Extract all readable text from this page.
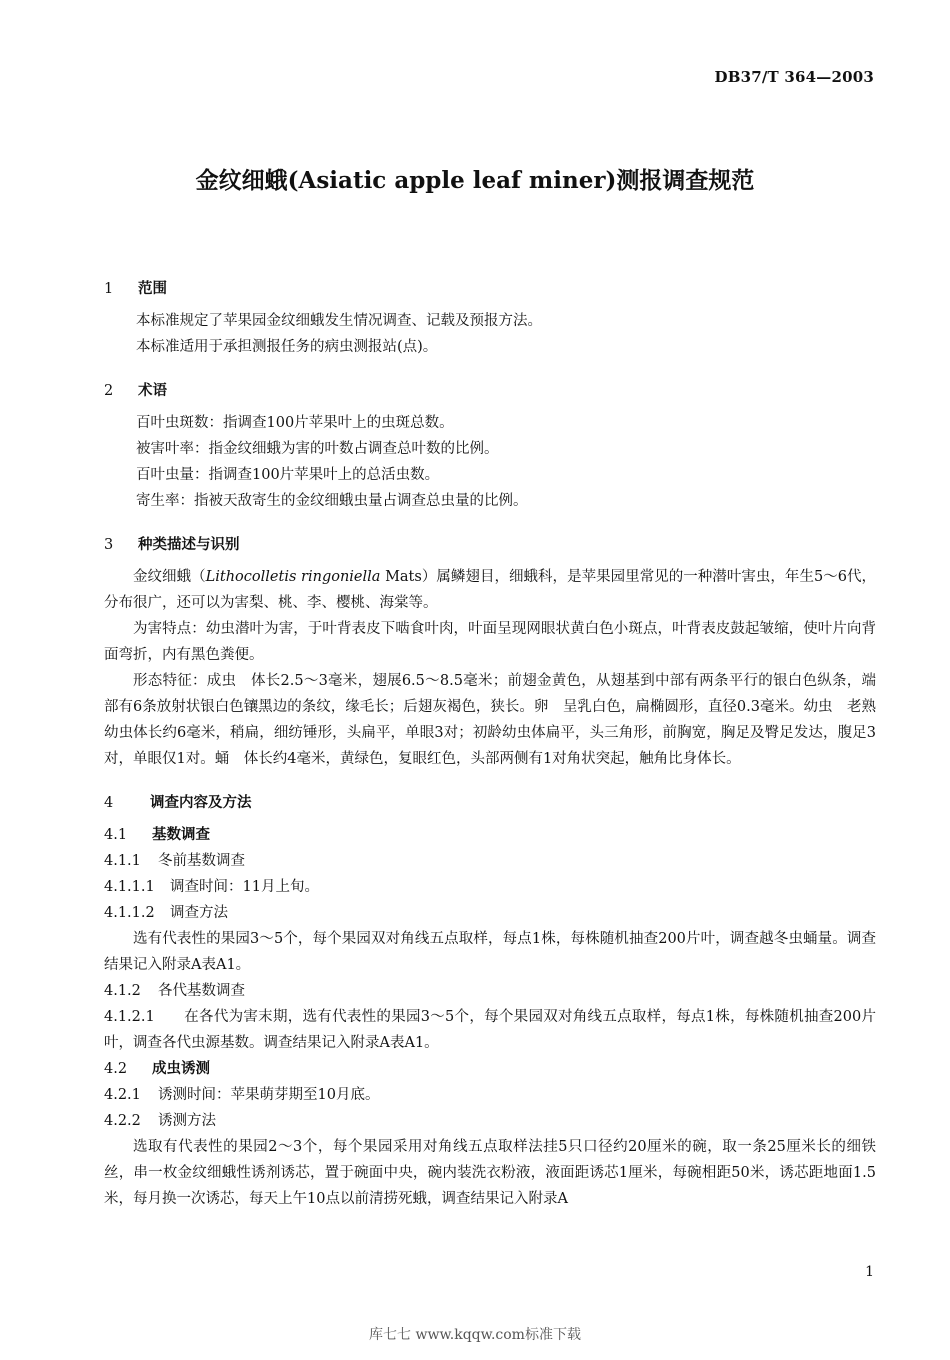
DB37/T 364—2003
金纹细蛾(Asiatic apple leaf miner)测报调查规范
1 范围
本标准规定了苹果园金纹细蛾发生情况调查、记载及预报方法。
本标准适用于承担测报任务的病虫测报站(点)。
2 术语
百叶虫斑数：指调查100片苹果叶上的虫斑总数。
被害叶率：指金纹细蛾为害的叶数占调查总叶数的比例。
百叶虫量：指调查100片苹果叶上的总活虫数。
寄生率：指被天敌寄生的金纹细蛾虫量占调查总虫量的比例。
3 种类描述与识别
金纹细蛾（Lithocolletis ringoniella Mats）属鳞翅目，细蛾科，是苹果园里常见的一种潜叶害虫，年生5～6代，分布很广，还可以为害梨、桃、李、樱桃、海棠等。
为害特点：幼虫潜叶为害，于叶背表皮下啮食叶肉，叶面呈现网眼状黄白色小斑点，叶背表皮鼓起皱缩，使叶片向背面弯折，内有黑色粪便。
形态特征：成虫　体长2.5～3毫米，翅展6.5～8.5毫米；前翅金黄色，从翅基到中部有两条平行的银白色纵条，端部有6条放射状银白色镶黑边的条纹，缘毛长；后翅灰褐色，狭长。卵　呈乳白色，扁椭圆形，直径0.3毫米。幼虫　老熟幼虫体长约6毫米，稍扁，细纺锤形，头扁平，单眼3对；初龄幼虫体扁平，头三角形，前胸宽，胸足及臀足发达，腹足3对，单眼仅1对。蛹　体长约4毫米，黄绿色，复眼红色，头部两侧有1对角状突起，触角比身体长。
4	调查内容及方法
4.1 基数调查
4.1.1 冬前基数调查
4.1.1.1 调查时间：11月上旬。
4.1.1.2 调查方法
选有代表性的果园3～5个，每个果园双对角线五点取样，每点1株，每株随机抽查200片叶，调查越冬虫蛹量。调查结果记入附录A表A1。
4.1.2 各代基数调查
4.1.2.1 在各代为害末期，选有代表性的果园3～5个，每个果园双对角线五点取样，每点1株，每株随机抽查200片叶，调查各代虫源基数。调查结果记入附录A表A1。
4.2 成虫诱测
4.2.1 诱测时间：苹果萌芽期至10月底。
4.2.2 诱测方法
选取有代表性的果园2～3个，每个果园采用对角线五点取样法挂5只口径约20厘米的碗，取一条25厘米长的细铁丝，串一枚金纹细蛾性诱剂诱芯，置于碗面中央，碗内装洗衣粉液，液面距诱芯1厘米，每碗相距50米，诱芯距地面1.5米，每月换一次诱芯，每天上午10点以前清捞死蛾，调查结果记入附录A
1
库七七 www.kqqw.com标准下载
